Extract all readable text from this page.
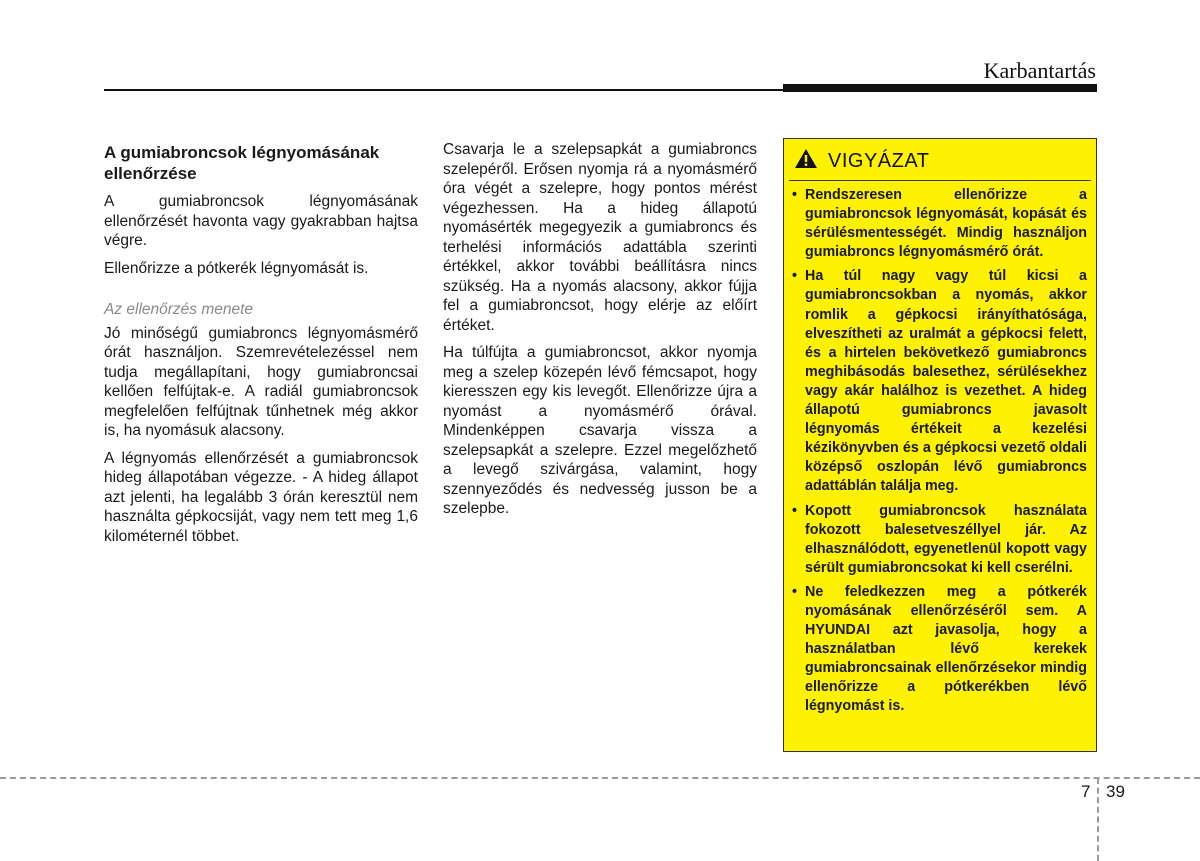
Karbantartás
A gumiabroncsok légnyomásának ellenőrzése

A gumiabroncsok légnyomásának ellenőrzését havonta vagy gyakrabban hajtsa végre.

Ellenőrizze a pótkerék légnyomását is.

Az ellenőrzés menete

Jó minőségű gumiabroncs légnyomásmérő órát használjon. Szemrevételezéssel nem tudja megállapítani, hogy gumiabroncsai kellően felfújtak-e. A radiál gumiabroncsok megfelelően felfújtnak tűnhetnek még akkor is, ha nyomásuk alacsony.

A légnyomás ellenőrzését a gumiabroncsok hideg állapotában végezze. - A hideg állapot azt jelenti, ha legalább 3 órán keresztül nem használta gépkocsiját, vagy nem tett meg 1,6 kilométernél többet.

Csavarja le a szelepsapkát a gumiabroncs szelepéről. Erősen nyomja rá a nyomásmérő óra végét a szelepre, hogy pontos mérést végezhessen. Ha a hideg állapotú nyomásérték megegyezik a gumiabroncs és terhelési információs adattábla szerinti értékkel, akkor további beállításra nincs szükség. Ha a nyomás alacsony, akkor fújja fel a gumiabroncsot, hogy elérje az előírt értéket.

Ha túlfújta a gumiabroncsot, akkor nyomja meg a szelep közepén lévő fémcsapot, hogy kieresszen egy kis levegőt. Ellenőrizze újra a nyomást a nyomásmérő órával. Mindenképpen csavarja vissza a szelepsapkát a szelepre. Ezzel megelőzhető a levegő szivárgása, valamint, hogy szennyeződés és nedvesség jusson be a szelepbe.

VIGYÁZAT
• Rendszeresen ellenőrizze a gumiabroncsok légnyomását, kopását és sérülésmentességét. Mindig használjon gumiabroncs légnyomásmérő órát.
• Ha túl nagy vagy túl kicsi a gumiabroncsokban a nyomás, akkor romlik a gépkocsi irányíthatósága, elveszítheti az uralmát a gépkocsi felett, és a hirtelen bekövetkező gumiabroncs meghibásodás balesethez, sérülésekhez vagy akár halálhoz is vezethet. A hideg állapotú gumiabroncs javasolt légnyomás értékeit a kezelési kézikönyvben és a gépkocsi vezető oldali középső oszlopán lévő gumiabroncs adattáblán találja meg.
• Kopott gumiabroncsok használata fokozott balesetveszéllyel jár. Az elhasználódott, egyenetlenül kopott vagy sérült gumiabroncsokat ki kell cserélni.
• Ne feledkezzen meg a pótkerék nyomásának ellenőrzéséről sem. A HYUNDAI azt javasolja, hogy a használatban lévő kerekek gumiabroncsainak ellenőrzésekor mindig ellenőrizze a pótkerékben lévő légnyomást is.
7 39
